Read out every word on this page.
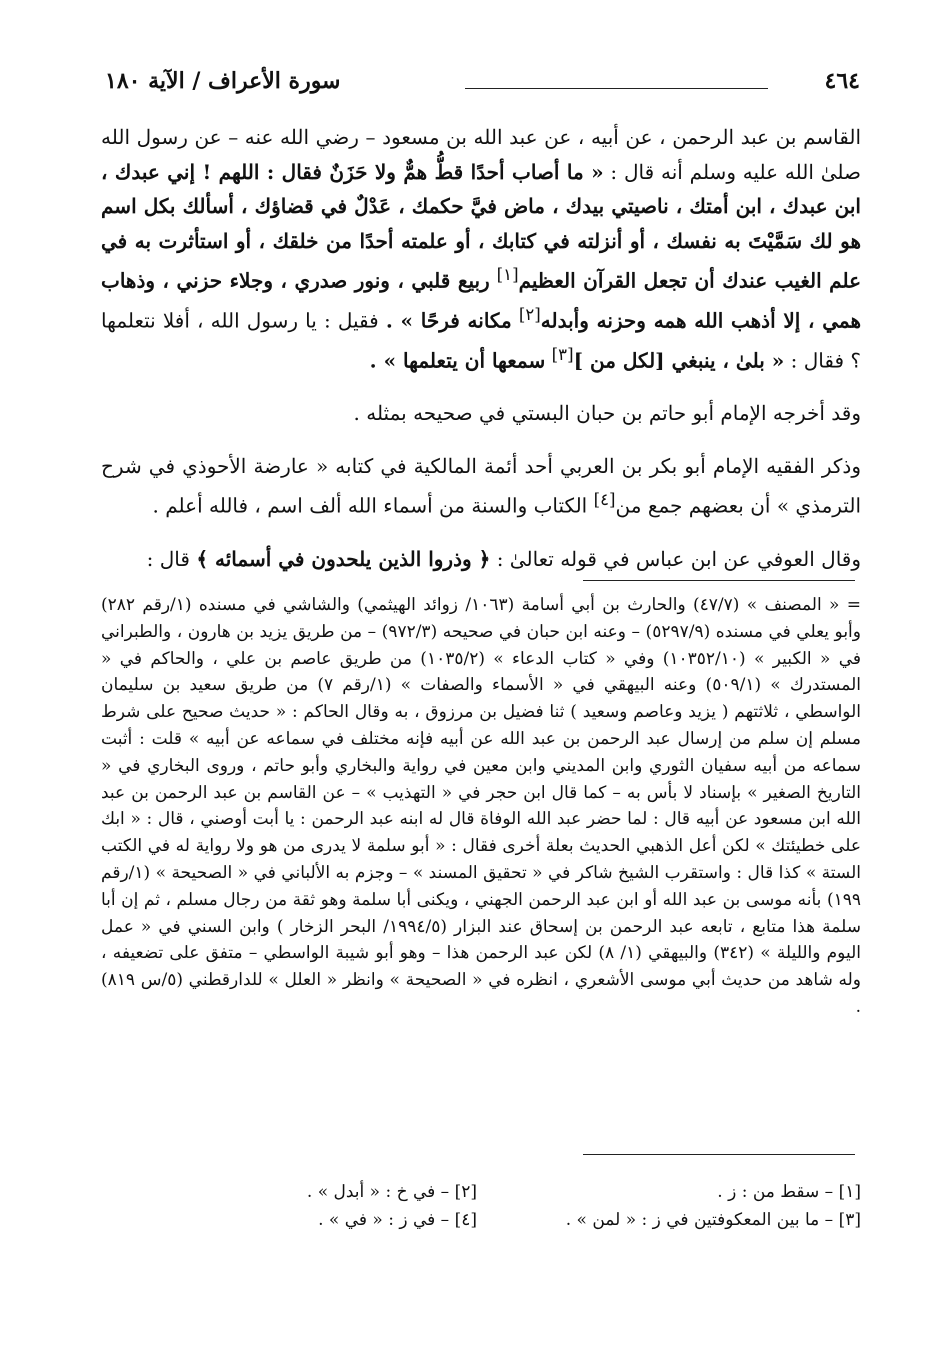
٤٦٤
سورة الأعراف / الآية ١٨٠

القاسم بن عبد الرحمن ، عن أبيه ، عن عبد الله بن مسعود – رضي الله عنه – عن رسول الله صلىٰ الله عليه وسلم أنه قال : « ما أصاب أحدًا قطُّ همٌّ ولا حَزَنٌ فقال : اللهم ! إني عبدك ، ابن عبدك ، ابن أمتك ، ناصيتي بيدك ، ماض فيَّ حكمك ، عَدْلٌ في قضاؤك ، أسألك بكل اسم هو لك سَمَّيْتَ به نفسك ، أو أنزلته في كتابك ، أو علمته أحدًا من خلقك ، أو استأثرت به في علم الغيب عندك أن تجعل القرآن العظيم[١] ربيع قلبي ، ونور صدري ، وجلاء حزني ، وذهاب همي ، إلا أذهب الله همه وحزنه وأبدله[٢] مكانه فرحًا » . فقيل : يا رسول الله ، أفلا نتعلمها ؟ فقال : « بلىٰ ، ينبغي [لكل من ][٣] سمعها أن يتعلمها » .

وقد أخرجه الإمام أبو حاتم بن حبان البستي في صحيحه بمثله .

وذكر الفقيه الإمام أبو بكر بن العربي أحد أئمة المالكية في كتابه « عارضة الأحوذي في شرح الترمذي » أن بعضهم جمع من[٤] الكتاب والسنة من أسماء الله ألف اسم ، فالله أعلم .

وقال العوفي عن ابن عباس في قوله تعالىٰ : ﴿ وذروا الذين يلحدون في أسمائه ﴾ قال :

= « المصنف » (٤٧/٧) والحارث بن أبي أسامة (١٠٦٣/ زوائد الهيثمي) والشاشي في مسنده (١/رقم ٢٨٢) وأبو يعلي في مسنده (٥٢٩٧/٩) – وعنه ابن حبان في صحيحه (٩٧٢/٣) – من طريق يزيد بن هارون ، والطبراني في « الكبير » (١٠٣٥٢/١٠) وفي « كتاب الدعاء » (١٠٣٥/٢) من طريق عاصم بن علي ، والحاكم في « المستدرك » (٥٠٩/١) وعنه البيهقي في « الأسماء والصفات » (١/رقم ٧) من طريق سعيد بن سليمان الواسطي ، ثلاثتهم ( يزيد وعاصم وسعيد ) ثنا فضيل بن مرزوق ، به وقال الحاكم : « حديث صحيح على شرط مسلم إن سلم من إرسال عبد الرحمن بن عبد الله عن أبيه فإنه مختلف في سماعه عن أبيه » قلت : أثبت سماعه من أبيه سفيان الثوري وابن المديني وابن معين في رواية والبخاري وأبو حاتم ، وروى البخاري في « التاريخ الصغير » بإسناد لا بأس به – كما قال ابن حجر في « التهذيب » – عن القاسم بن عبد الرحمن بن عبد الله ابن مسعود عن أبيه قال : لما حضر عبد الله الوفاة قال له ابنه عبد الرحمن : يا أبت أوصني ، قال : « ابك على خطيئتك » لكن أعل الذهبي الحديث بعلة أخرى فقال : « أبو سلمة لا يدرى من هو ولا رواية له في الكتب الستة » كذا قال : واستقرب الشيخ شاكر في « تحقيق المسند » – وجزم به الألباني في « الصحيحة » (١/رقم ١٩٩) بأنه موسى بن عبد الله أو ابن عبد الرحمن الجهني ، ويكنى أبا سلمة وهو ثقة من رجال مسلم ، ثم إن أبا سلمة هذا متابع ، تابعه عبد الرحمن بن إسحاق عند البزار (١٩٩٤/٥/ البحر الزخار ) وابن السني في « عمل اليوم والليلة » (٣٤٢) والبيهقي (١/ ٨) لكن عبد الرحمن هذا – وهو أبو شيبة الواسطي – متفق على تضعيفه ، وله شاهد من حديث أبي موسى الأشعري ، انظره في « الصحيحة » وانظر « العلل » للدارقطني (٥/س ٨١٩) .
[١] – سقط من : ز .
[٢] – في خ : « أبدل » .
[٣] – ما بين المعكوفتين في ز : « لمن » .
[٤] – في ز : « في » .
